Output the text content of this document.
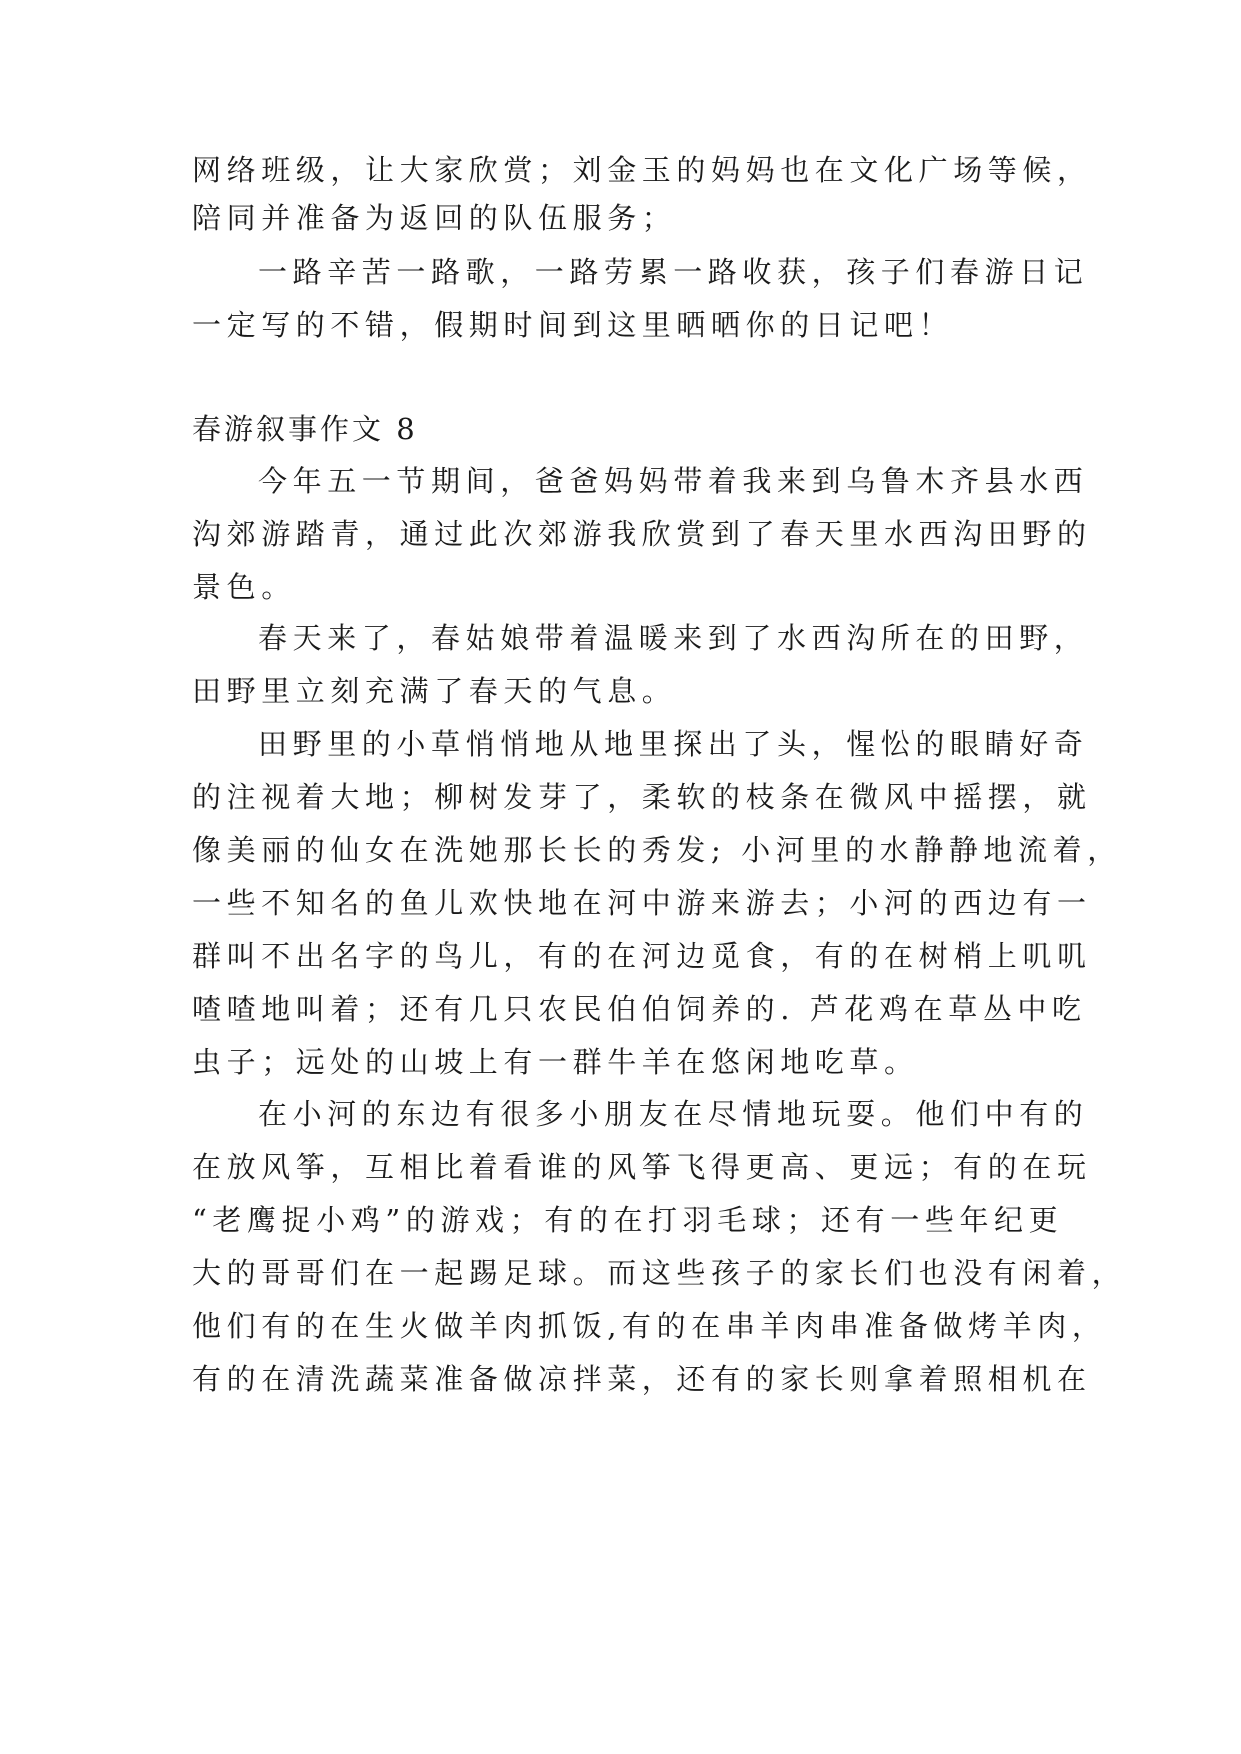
网络班级，让大家欣赏；刘金玉的妈妈也在文化广场等候，
陪同并准备为返回的队伍服务；
一路辛苦一路歌，一路劳累一路收获，孩子们春游日记
一定写的不错，假期时间到这里晒晒你的日记吧！
春游叙事作文 8
今年五一节期间，爸爸妈妈带着我来到乌鲁木齐县水西
沟郊游踏青，通过此次郊游我欣赏到了春天里水西沟田野的
景色。
春天来了，春姑娘带着温暖来到了水西沟所在的田野，
田野里立刻充满了春天的气息。
田野里的小草悄悄地从地里探出了头，惺忪的眼睛好奇
的注视着大地；柳树发芽了，柔软的枝条在微风中摇摆，就
像美丽的仙女在洗她那长长的秀发; 小河里的水静静地流着，
一些不知名的鱼儿欢快地在河中游来游去；小河的西边有一
群叫不出名字的鸟儿，有的在河边觅食，有的在树梢上叽叽
喳喳地叫着；还有几只农民伯伯饲养的. 芦花鸡在草丛中吃
虫子；远处的山坡上有一群牛羊在悠闲地吃草。
在小河的东边有很多小朋友在尽情地玩耍。他们中有的
在放风筝，互相比着看谁的风筝飞得更高、更远；有的在玩
“老鹰捉小鸡”的游戏；有的在打羽毛球；还有一些年纪更
大的哥哥们在一起踢足球。而这些孩子的家长们也没有闲着，
他们有的在生火做羊肉抓饭,有的在串羊肉串准备做烤羊肉，
有的在清洗蔬菜准备做凉拌菜，还有的家长则拿着照相机在
